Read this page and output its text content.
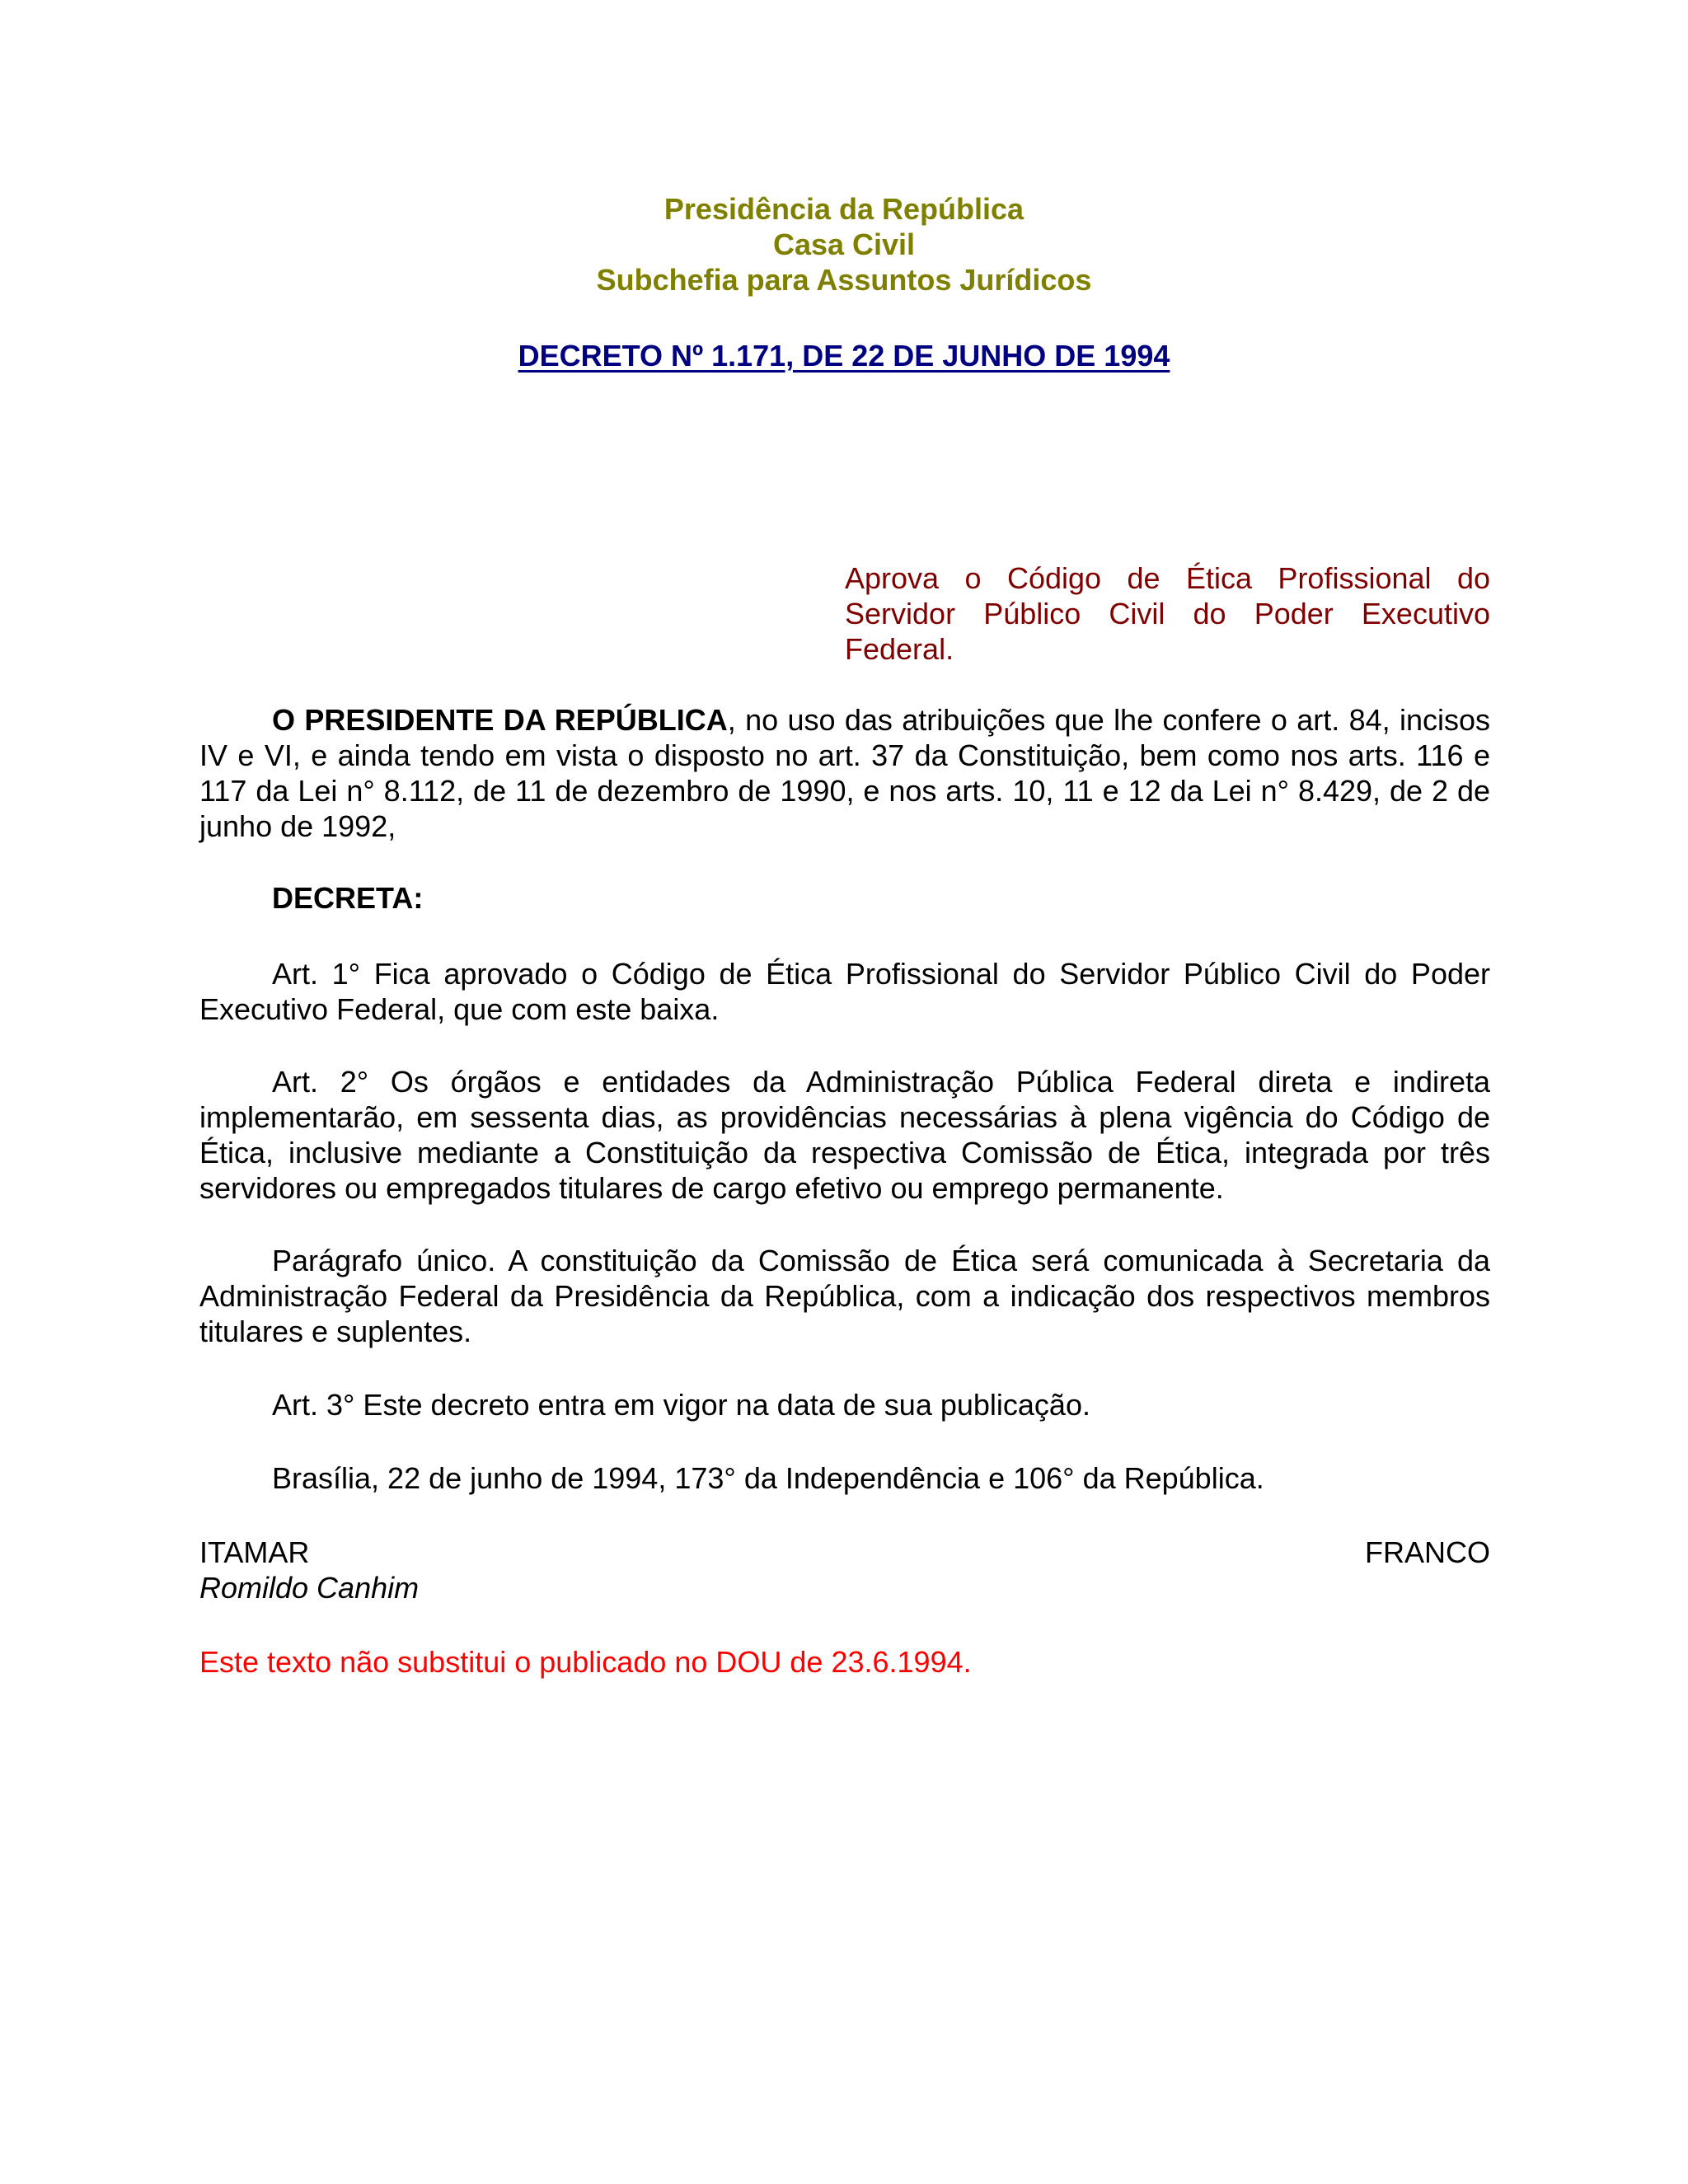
Presidência da República
Casa Civil
Subchefia para Assuntos Jurídicos
DECRETO Nº 1.171, DE 22 DE JUNHO DE 1994
Aprova o Código de Ética Profissional do Servidor Público Civil do Poder Executivo Federal.
O PRESIDENTE DA REPÚBLICA, no uso das atribuições que lhe confere o art. 84, incisos IV e VI, e ainda tendo em vista o disposto no art. 37 da Constituição, bem como nos arts. 116 e 117 da Lei n° 8.112, de 11 de dezembro de 1990, e nos arts. 10, 11 e 12 da Lei n° 8.429, de 2 de junho de 1992,
DECRETA:
Art. 1° Fica aprovado o Código de Ética Profissional do Servidor Público Civil do Poder Executivo Federal, que com este baixa.
Art. 2° Os órgãos e entidades da Administração Pública Federal direta e indireta implementarão, em sessenta dias, as providências necessárias à plena vigência do Código de Ética, inclusive mediante a Constituição da respectiva Comissão de Ética, integrada por três servidores ou empregados titulares de cargo efetivo ou emprego permanente.
Parágrafo único. A constituição da Comissão de Ética será comunicada à Secretaria da Administração Federal da Presidência da República, com a indicação dos respectivos membros titulares e suplentes.
Art. 3° Este decreto entra em vigor na data de sua publicação.
Brasília, 22 de junho de 1994, 173° da Independência e 106° da República.
ITAMAR	FRANCO
Romildo Canhim
Este texto não substitui o publicado no DOU de 23.6.1994.
